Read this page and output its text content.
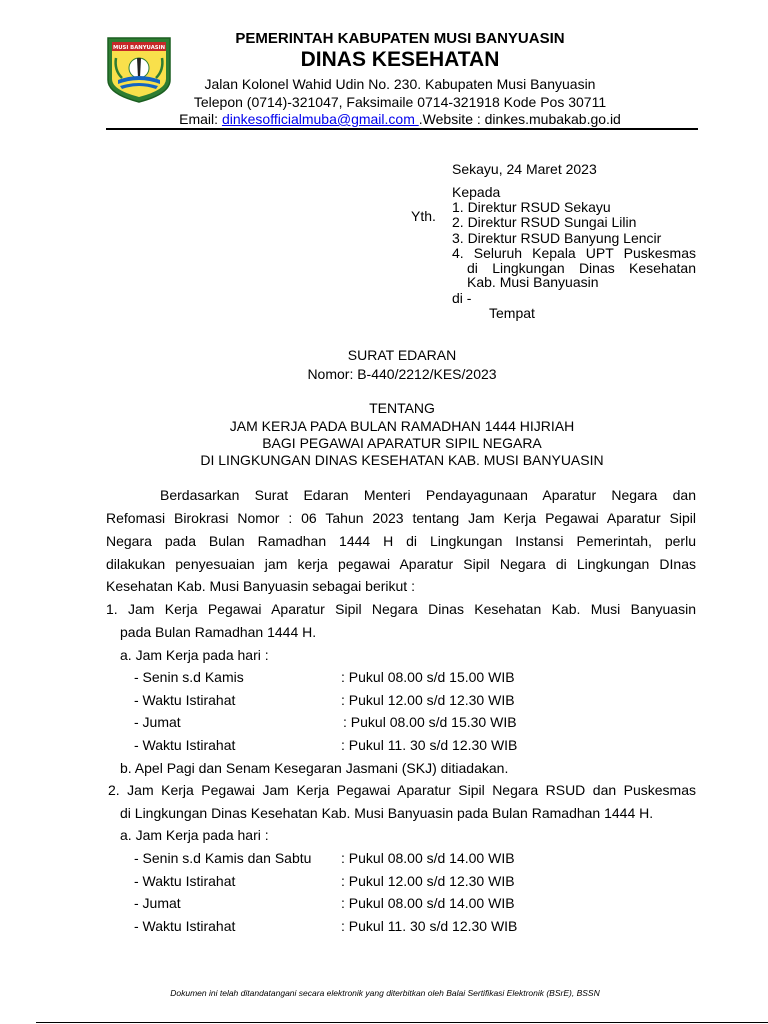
MUSI BANYUASIN
PEMERINTAH KABUPATEN MUSI BANYUASIN
DINAS KESEHATAN
Jalan Kolonel Wahid Udin No. 230. Kabupaten Musi Banyuasin
Telepon (0714)-321047, Faksimaile 0714-321918 Kode Pos 30711
Email: dinkesofficialmuba@gmail.com .Website : dinkes.mubakab.go.id
Sekayu, 24 Maret 2023
Kepada
Yth.
1. Direktur RSUD Sekayu
2. Direktur RSUD Sungai Lilin
3. Direktur RSUD Banyung Lencir
4. Seluruh Kepala UPT Puskesmas
di Lingkungan Dinas Kesehatan
Kab. Musi Banyuasin
di -
Tempat
SURAT EDARAN
Nomor: B-440/2212/KES/2023
TENTANG
JAM KERJA PADA BULAN RAMADHAN 1444 HIJRIAH
BAGI PEGAWAI APARATUR SIPIL NEGARA
DI LINGKUNGAN DINAS KESEHATAN KAB. MUSI BANYUASIN
Berdasarkan Surat Edaran Menteri Pendayagunaan Aparatur Negara dan
Refomasi Birokrasi Nomor : 06 Tahun 2023 tentang Jam Kerja Pegawai Aparatur Sipil
Negara pada Bulan Ramadhan 1444 H di Lingkungan Instansi Pemerintah, perlu
dilakukan penyesuaian jam kerja pegawai Aparatur Sipil Negara di Lingkungan DInas
Kesehatan Kab. Musi Banyuasin sebagai berikut :
1. Jam Kerja Pegawai Aparatur Sipil Negara Dinas Kesehatan Kab. Musi Banyuasin
pada Bulan Ramadhan 1444 H.
a. Jam Kerja pada hari :
- Senin s.d Kamis	: Pukul 08.00 s/d 15.00 WIB
- Waktu Istirahat	: Pukul 12.00 s/d 12.30 WIB
- Jumat	: Pukul 08.00 s/d 15.30 WIB
- Waktu Istirahat	: Pukul 11. 30 s/d 12.30 WIB
b. Apel Pagi dan Senam Kesegaran Jasmani (SKJ) ditiadakan.
2. Jam Kerja Pegawai Jam Kerja Pegawai Aparatur Sipil Negara RSUD dan Puskesmas
di Lingkungan Dinas Kesehatan Kab. Musi Banyuasin pada Bulan Ramadhan 1444 H.
a. Jam Kerja pada hari :
- Senin s.d Kamis dan Sabtu : Pukul 08.00 s/d 14.00 WIB
- Waktu Istirahat	: Pukul 12.00 s/d 12.30 WIB
- Jumat	: Pukul 08.00 s/d 14.00 WIB
- Waktu Istirahat	: Pukul 11. 30 s/d 12.30 WIB
Dokumen ini telah ditandatangani secara elektronik yang diterbitkan oleh Balai Sertifikasi Elektronik (BSrE), BSSN
